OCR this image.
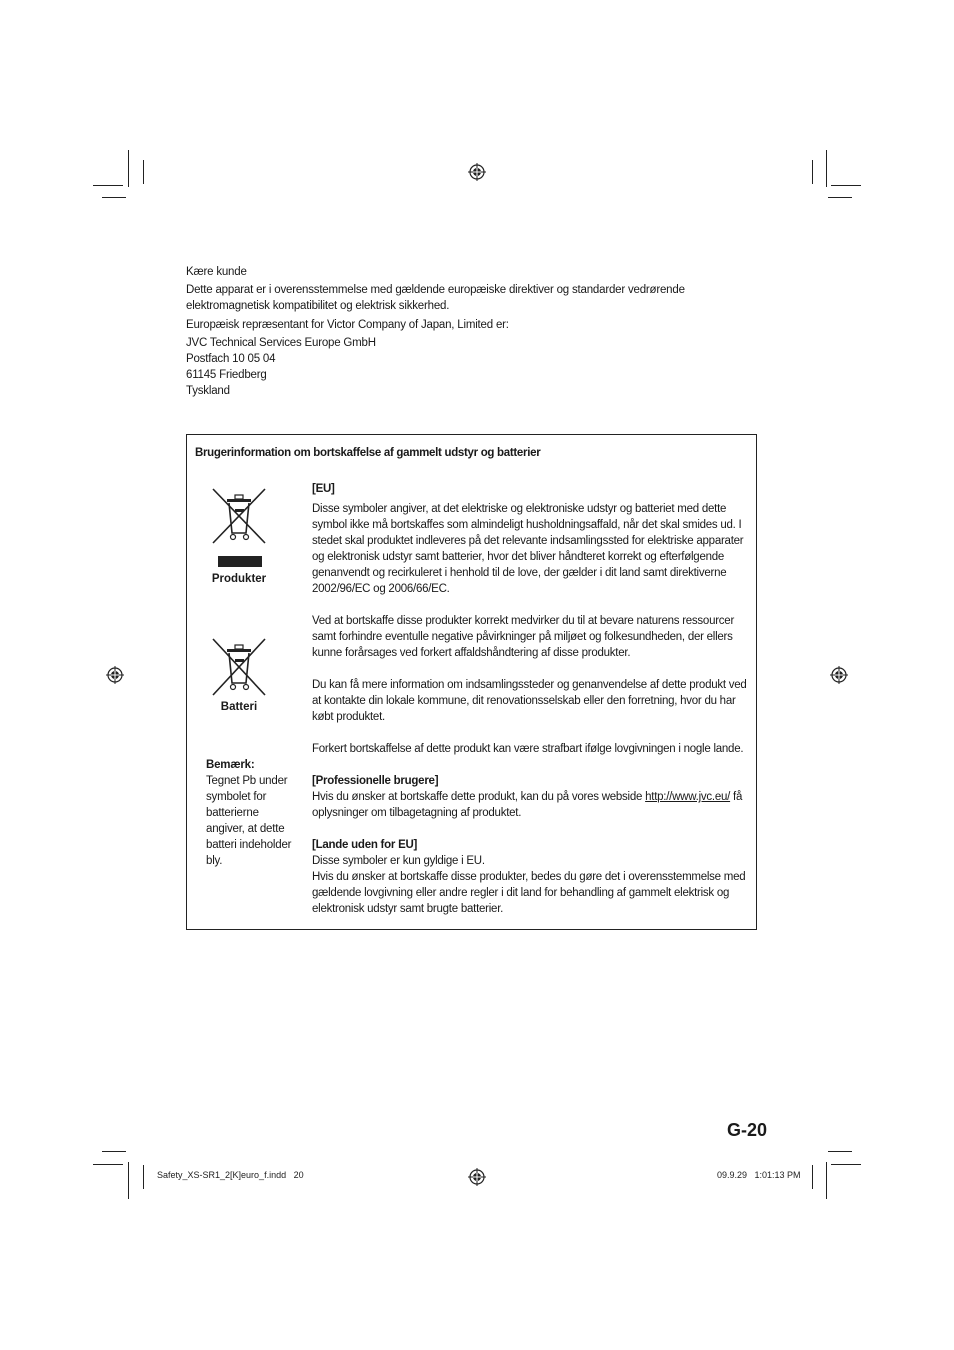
Kære kunde

Dette apparat er i overensstemmelse med gældende europæiske direktiver og standarder vedrørende elektromagnetisk kompatibilitet og elektrisk sikkerhed.

Europæisk repræsentant for Victor Company of Japan, Limited er:

JVC Technical Services Europe GmbH
Postfach 10 05 04
61145 Friedberg
Tyskland
Brugerinformation om bortskaffelse af gammelt udstyr og batterier
Produkter
Batteri
Bemærk:
Tegnet Pb under symbolet for batterierne angiver, at dette batteri indeholder bly.

[EU]

Disse symboler angiver, at det elektriske og elektroniske udstyr og batteriet med dette symbol ikke må bortskaffes som almindeligt husholdningsaffald, når det skal smides ud. I stedet skal produktet indleveres på det relevante indsamlingssted for elektriske apparater og elektronisk udstyr samt batterier, hvor det bliver håndteret korrekt og efterfølgende genanvendt og recirkuleret i henhold til de love, der gælder i dit land samt direktiverne 2002/96/EC og 2006/66/EC.

Ved at bortskaffe disse produkter korrekt medvirker du til at bevare naturens ressourcer samt forhindre eventulle negative påvirkninger på miljøet og folkesundheden, der ellers kunne forårsages ved forkert affaldshåndtering af disse produkter.

Du kan få mere information om indsamlingssteder og genanvendelse af dette produkt ved at kontakte din lokale kommune, dit renovationsselskab eller den forretning, hvor du har købt produktet.

Forkert bortskaffelse af dette produkt kan være strafbart ifølge lovgivningen i nogle lande.

[Professionelle brugere]
Hvis du ønsker at bortskaffe dette produkt, kan du på vores webside http://www.jvc.eu/ få oplysninger om tilbagetagning af produktet.

[Lande uden for EU]
Disse symboler er kun gyldige i EU.
Hvis du ønsker at bortskaffe disse produkter, bedes du gøre det i overensstemmelse med gældende lovgivning eller andre regler i dit land for behandling af gammelt elektrisk og elektronisk udstyr samt brugte batterier.

G-20
Safety_XS-SR1_2[K]euro_f.indd   20	09.9.29   1:01:13 PM
